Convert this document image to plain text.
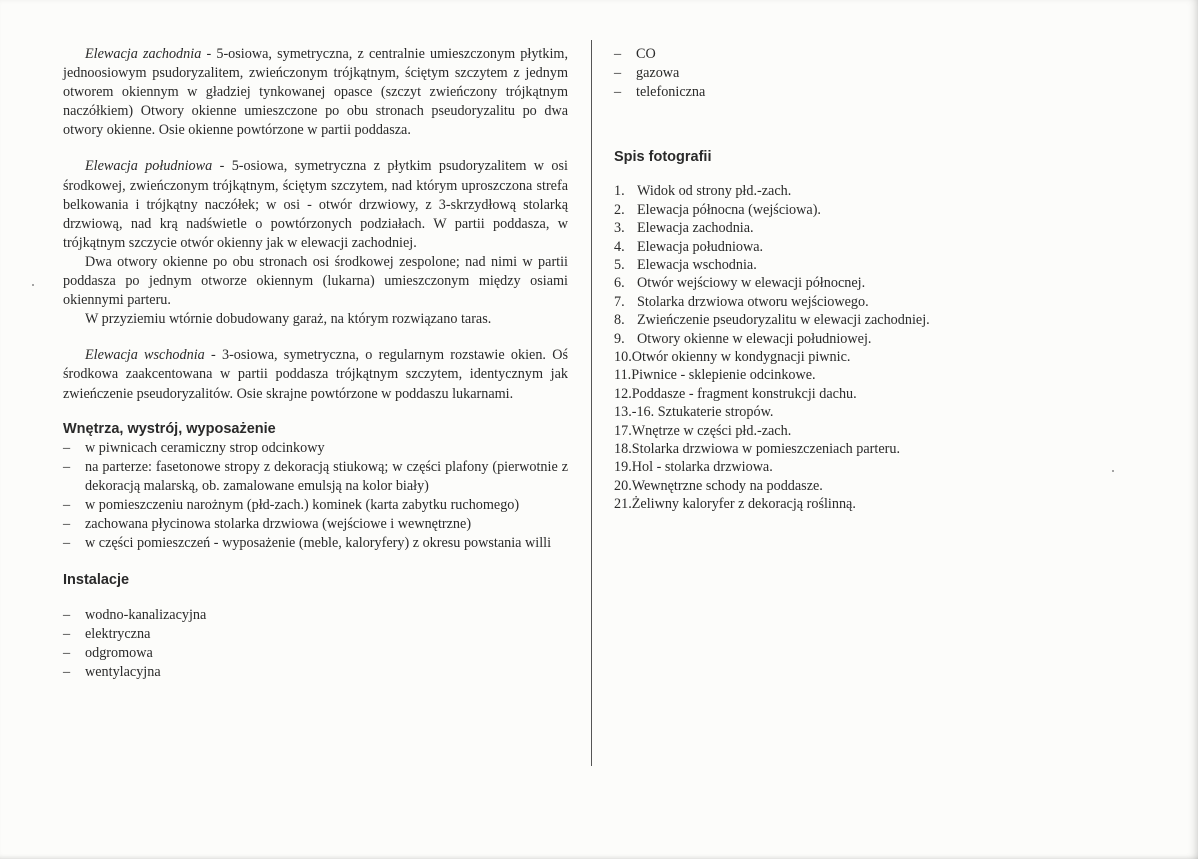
Elewacja zachodnia - 5-osiowa, symetryczna, z centralnie umieszczonym płytkim, jednoosiowym psudoryzalitem, zwieńczonym trójkątnym, ściętym szczytem z jednym otworem okiennym w gładziej tynkowanej opasce (szczyt zwieńczony trójkątnym naczółkiem) Otwory okienne umieszczone po obu stronach pseudoryzalitu po dwa otwory okienne. Osie okienne powtórzone w partii poddasza.

Elewacja południowa - 5-osiowa, symetryczna z płytkim psudoryzalitem w osi środkowej, zwieńczonym trójkątnym, ściętym szczytem, nad którym uproszczona strefa belkowania i trójkątny naczółek; w osi - otwór drzwiowy, z 3-skrzydłową stolarką drzwiową, nad krą nadświetle o powtórzonych podziałach. W partii poddasza, w trójkątnym szczycie otwór okienny jak w elewacji zachodniej.

Dwa otwory okienne po obu stronach osi środkowej zespolone; nad nimi w partii poddasza po jednym otworze okiennym (lukarna) umieszczonym między osiami okiennymi parteru.

W przyziemiu wtórnie dobudowany garaż, na którym rozwiązano taras.

Elewacja wschodnia - 3-osiowa, symetryczna, o regularnym rozstawie okien. Oś środkowa zaakcentowana w partii poddasza trójkątnym szczytem, identycznym jak zwieńczenie pseudoryzalitów. Osie skrajne powtórzone w poddaszu lukarnami.

Wnętrza, wystrój, wyposażenie
– w piwnicach ceramiczny strop odcinkowy
– na parterze: fasetonowe stropy z dekoracją stiukową; w części plafony (pierwotnie z dekoracją malarską, ob. zamalowane emulsją na kolor biały)
– w pomieszczeniu narożnym (płd-zach.) kominek (karta zabytku ruchomego)
– zachowana płycinowa stolarka drzwiowa (wejściowe i wewnętrzne)
– w części pomieszczeń - wyposażenie (meble, kaloryfery) z okresu powstania willi
Instalacje
– wodno-kanalizacyjna
– elektryczna
– odgromowa
– wentylacyjna
– CO
– gazowa
– telefoniczna
Spis fotografii
1. Widok od strony płd.-zach.
2. Elewacja północna (wejściowa).
3. Elewacja zachodnia.
4. Elewacja południowa.
5. Elewacja wschodnia.
6. Otwór wejściowy w elewacji północnej.
7. Stolarka drzwiowa otworu wejściowego.
8. Zwieńczenie pseudoryzalitu w elewacji zachodniej.
9. Otwory okienne w elewacji południowej.
10.Otwór okienny w kondygnacji piwnic.
11.Piwnice - sklepienie odcinkowe.
12.Poddasze - fragment konstrukcji dachu.
13.-16. Sztukaterie stropów.
17.Wnętrze w części płd.-zach.
18.Stolarka drzwiowa w pomieszczeniach parteru.
19.Hol - stolarka drzwiowa.
20.Wewnętrzne schody na poddasze.
21.Żeliwny kaloryfer z dekoracją roślinną.
